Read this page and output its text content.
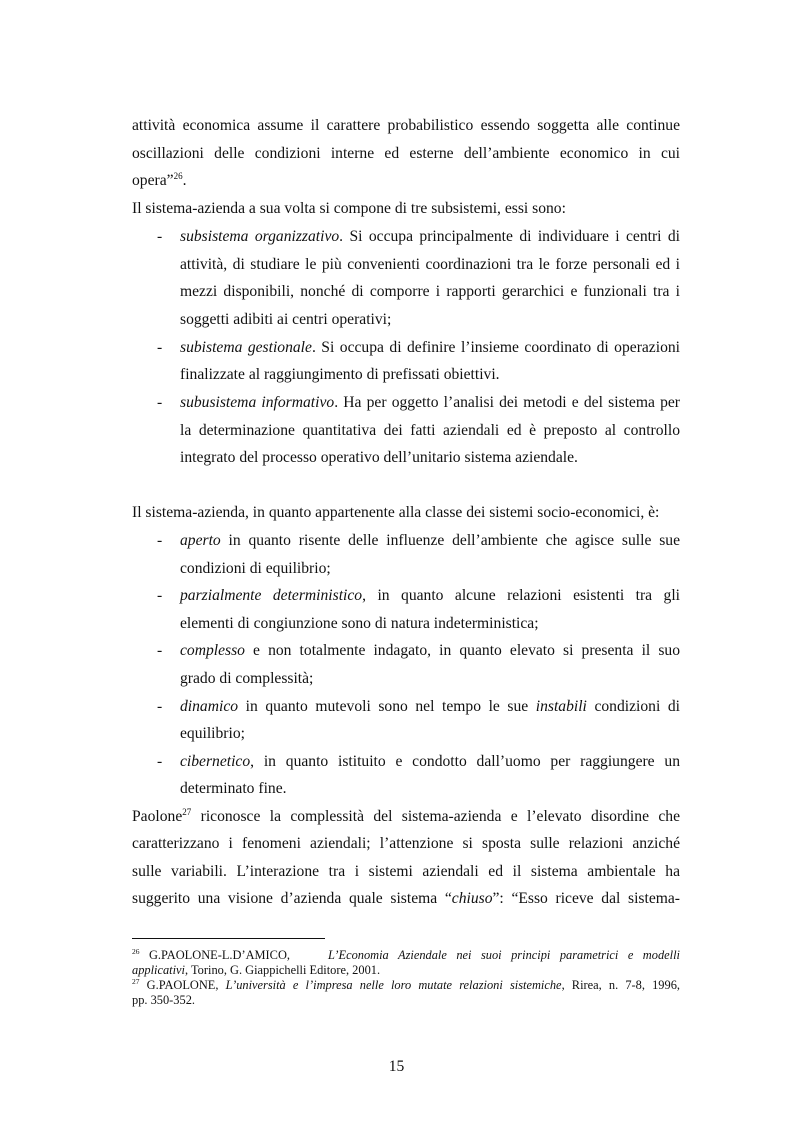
attività economica assume il carattere probabilistico essendo soggetta alle continue
oscillazioni delle condizioni interne ed esterne dell’ambiente economico in cui
opera”$^{26}$.
Il sistema-azienda a sua volta si compone di tre subsistemi, essi sono:
- subsistema organizzativo. Si occupa principalmente di individuare i centri di
attività, di studiare le più convenienti coordinazioni tra le forze personali ed i
mezzi disponibili, nonché di comporre i rapporti gerarchici e funzionali tra i
soggetti adibiti ai centri operativi;
- subistema gestionale. Si occupa di definire l’insieme coordinato di operazioni
finalizzate al raggiungimento di prefissati obiettivi.
- subusistema informativo. Ha per oggetto l’analisi dei metodi e del sistema per
la determinazione quantitativa dei fatti aziendali ed è preposto al controllo
integrato del processo operativo dell’unitario sistema aziendale.
Il sistema-azienda, in quanto appartenente alla classe dei sistemi socio-economici, è:
- aperto in quanto risente delle influenze dell’ambiente che agisce sulle sue
condizioni di equilibrio;
- parzialmente deterministico, in quanto alcune relazioni esistenti tra gli
elementi di congiunzione sono di natura indeterministica;
- complesso e non totalmente indagato, in quanto elevato si presenta il suo
grado di complessità;
- dinamico in quanto mutevoli sono nel tempo le sue instabili condizioni di
equilibrio;
- cibernetico, in quanto istituito e condotto dall’uomo per raggiungere un
determinato fine.
Paolone$^{27}$ riconosce la complessità del sistema-azienda e l’elevato disordine che
caratterizzano i fenomeni aziendali; l’attenzione si sposta sulle relazioni anziché
sulle variabili. L’interazione tra i sistemi aziendali ed il sistema ambientale ha
suggerito una visione d’azienda quale sistema “chiuso”: “Esso riceve dal sistema-
$^{26}$ G.PAOLONE-L.D’AMICO,	L’Economia Aziendale nei suoi principi parametrici e modelli
applicativi, Torino, G. Giappichelli Editore, 2001.
$^{27}$ G.PAOLONE, L’università e l’impresa nelle loro mutate relazioni sistemiche, Rirea, n. 7-8, 1996,
pp. 350-352.
15
